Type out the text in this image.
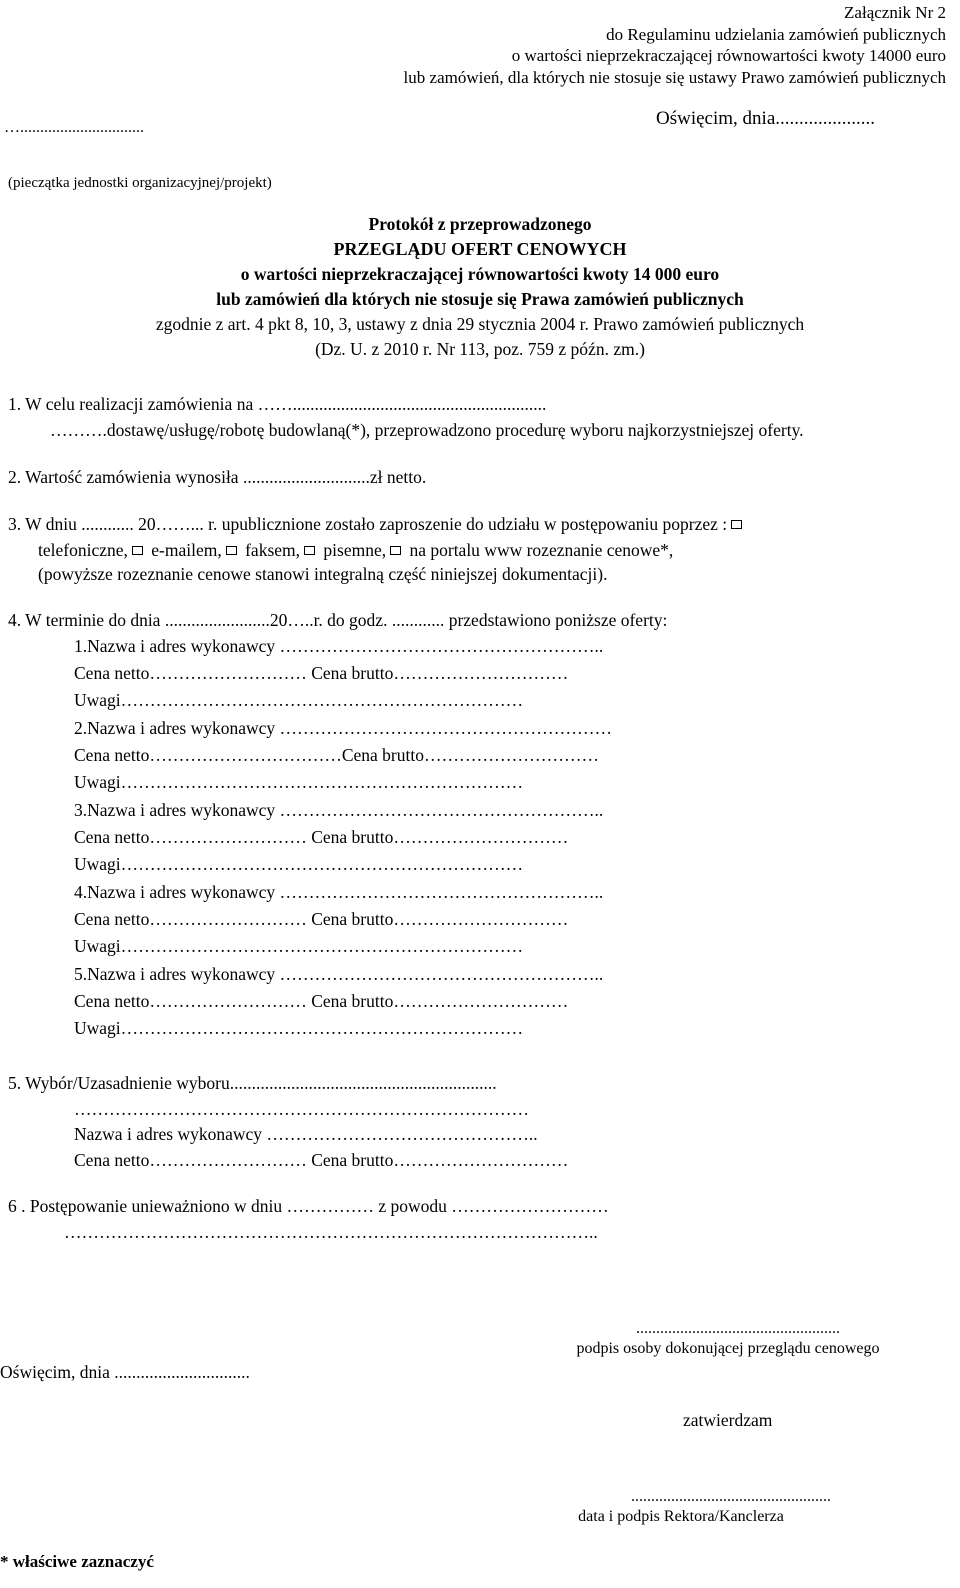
Załącznik Nr 2
do Regulaminu udzielania zamówień publicznych
o wartości nieprzekraczającej równowartości kwoty 14000 euro
lub zamówień, dla których nie stosuje się ustawy Prawo zamówień publicznych
Oświęcim, dnia.....................
…...............................
(pieczątka jednostki organizacyjnej/projekt)
Protokół z przeprowadzonego
PRZEGLĄDU OFERT CENOWYCH
o wartości nieprzekraczającej równowartości kwoty 14 000 euro
lub zamówień dla których nie stosuje się Prawa zamówień publicznych
zgodnie z art. 4 pkt 8, 10, 3, ustawy z dnia 29 stycznia 2004 r. Prawo zamówień publicznych
(Dz. U. z 2010 r. Nr 113, poz. 759 z późn. zm.)
1. W celu realizacji zamówienia na ……..........................................................
……….dostawę/usługę/robotę budowlaną(*), przeprowadzono procedurę wyboru najkorzystniejszej oferty.
2. Wartość zamówienia wynosiła .............................zł netto.
3. W dniu ............ 20……... r. upublicznione zostało zaproszenie do udziału w postępowaniu poprzez :
telefoniczne, e-mailem, faksem, pisemne, na portalu www rozeznanie cenowe*,
(powyższe rozeznanie cenowe stanowi integralną część niniejszej dokumentacji).
4. W terminie do dnia ........................20…..r. do godz. ............ przedstawiono poniższe oferty:
1.Nazwa i adres wykonawcy ………………………………………………..
Cena netto……………………… Cena brutto…………………………
Uwagi……………………………………………………………
2.Nazwa i adres wykonawcy …………………………………………………
Cena netto……………………………Cena brutto…………………………
Uwagi……………………………………………………………
3.Nazwa i adres wykonawcy ………………………………………………..
Cena netto……………………… Cena brutto…………………………
Uwagi……………………………………………………………
4.Nazwa i adres wykonawcy ………………………………………………..
Cena netto……………………… Cena brutto…………………………
Uwagi……………………………………………………………
5.Nazwa i adres wykonawcy ………………………………………………..
Cena netto……………………… Cena brutto…………………………
Uwagi……………………………………………………………
5. Wybór/Uzasadnienie wyboru.............................................................
……………………………………………………………………
Nazwa i adres wykonawcy ………………………………………..
Cena netto……………………… Cena brutto…………………………
6 . Postępowanie unieważniono w dniu …………… z powodu ………………………
………………………………………………………………………………..
...................................................
podpis osoby dokonującej przeglądu cenowego
Oświęcim, dnia ...............................
zatwierdzam
..................................................
data i podpis Rektora/Kanclerza
* właściwe zaznaczyć
